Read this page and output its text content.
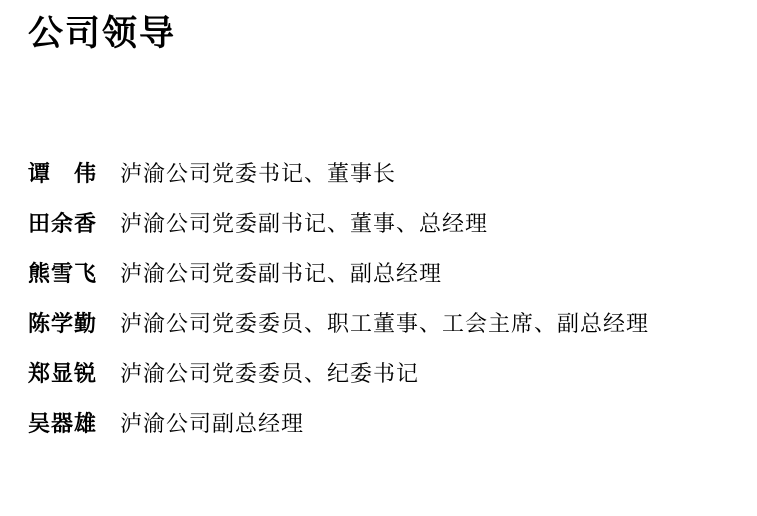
公司领导
谭　伟 泸渝公司党委书记、董事长
田余香 泸渝公司党委副书记、董事、总经理
熊雪飞 泸渝公司党委副书记、副总经理
陈学勤 泸渝公司党委委员、职工董事、工会主席、副总经理
郑显锐 泸渝公司党委委员、纪委书记
吴器雄 泸渝公司副总经理
